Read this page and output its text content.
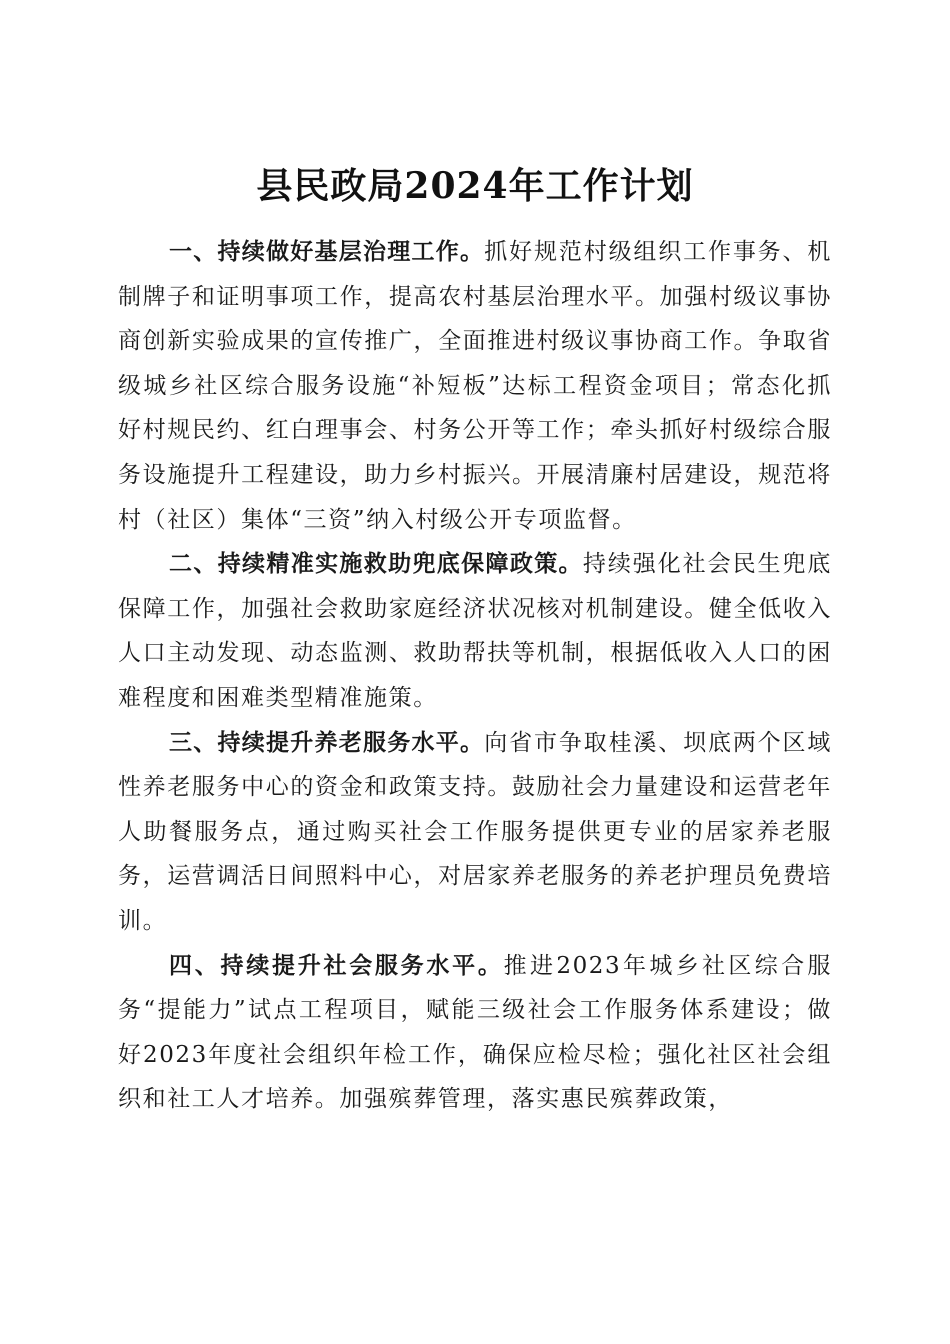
县民政局2024年工作计划

一、持续做好基层治理工作。抓好规范村级组织工作事务、机制牌子和证明事项工作，提高农村基层治理水平。加强村级议事协商创新实验成果的宣传推广，全面推进村级议事协商工作。争取省级城乡社区综合服务设施“补短板”达标工程资金项目；常态化抓好村规民约、红白理事会、村务公开等工作；牵头抓好村级综合服务设施提升工程建设，助力乡村振兴。开展清廉村居建设，规范将村（社区）集体“三资”纳入村级公开专项监督。

二、持续精准实施救助兜底保障政策。持续强化社会民生兜底保障工作，加强社会救助家庭经济状况核对机制建设。健全低收入人口主动发现、动态监测、救助帮扶等机制，根据低收入人口的困难程度和困难类型精准施策。

三、持续提升养老服务水平。向省市争取桂溪、坝底两个区域性养老服务中心的资金和政策支持。鼓励社会力量建设和运营老年人助餐服务点，通过购买社会工作服务提供更专业的居家养老服务，运营调活日间照料中心，对居家养老服务的养老护理员免费培训。

四、持续提升社会服务水平。推进2023年城乡社区综合服务“提能力”试点工程项目，赋能三级社会工作服务体系建设；做好2023年度社会组织年检工作，确保应检尽检；强化社区社会组织和社工人才培养。加强殡葬管理，落实惠民殡葬政策，
